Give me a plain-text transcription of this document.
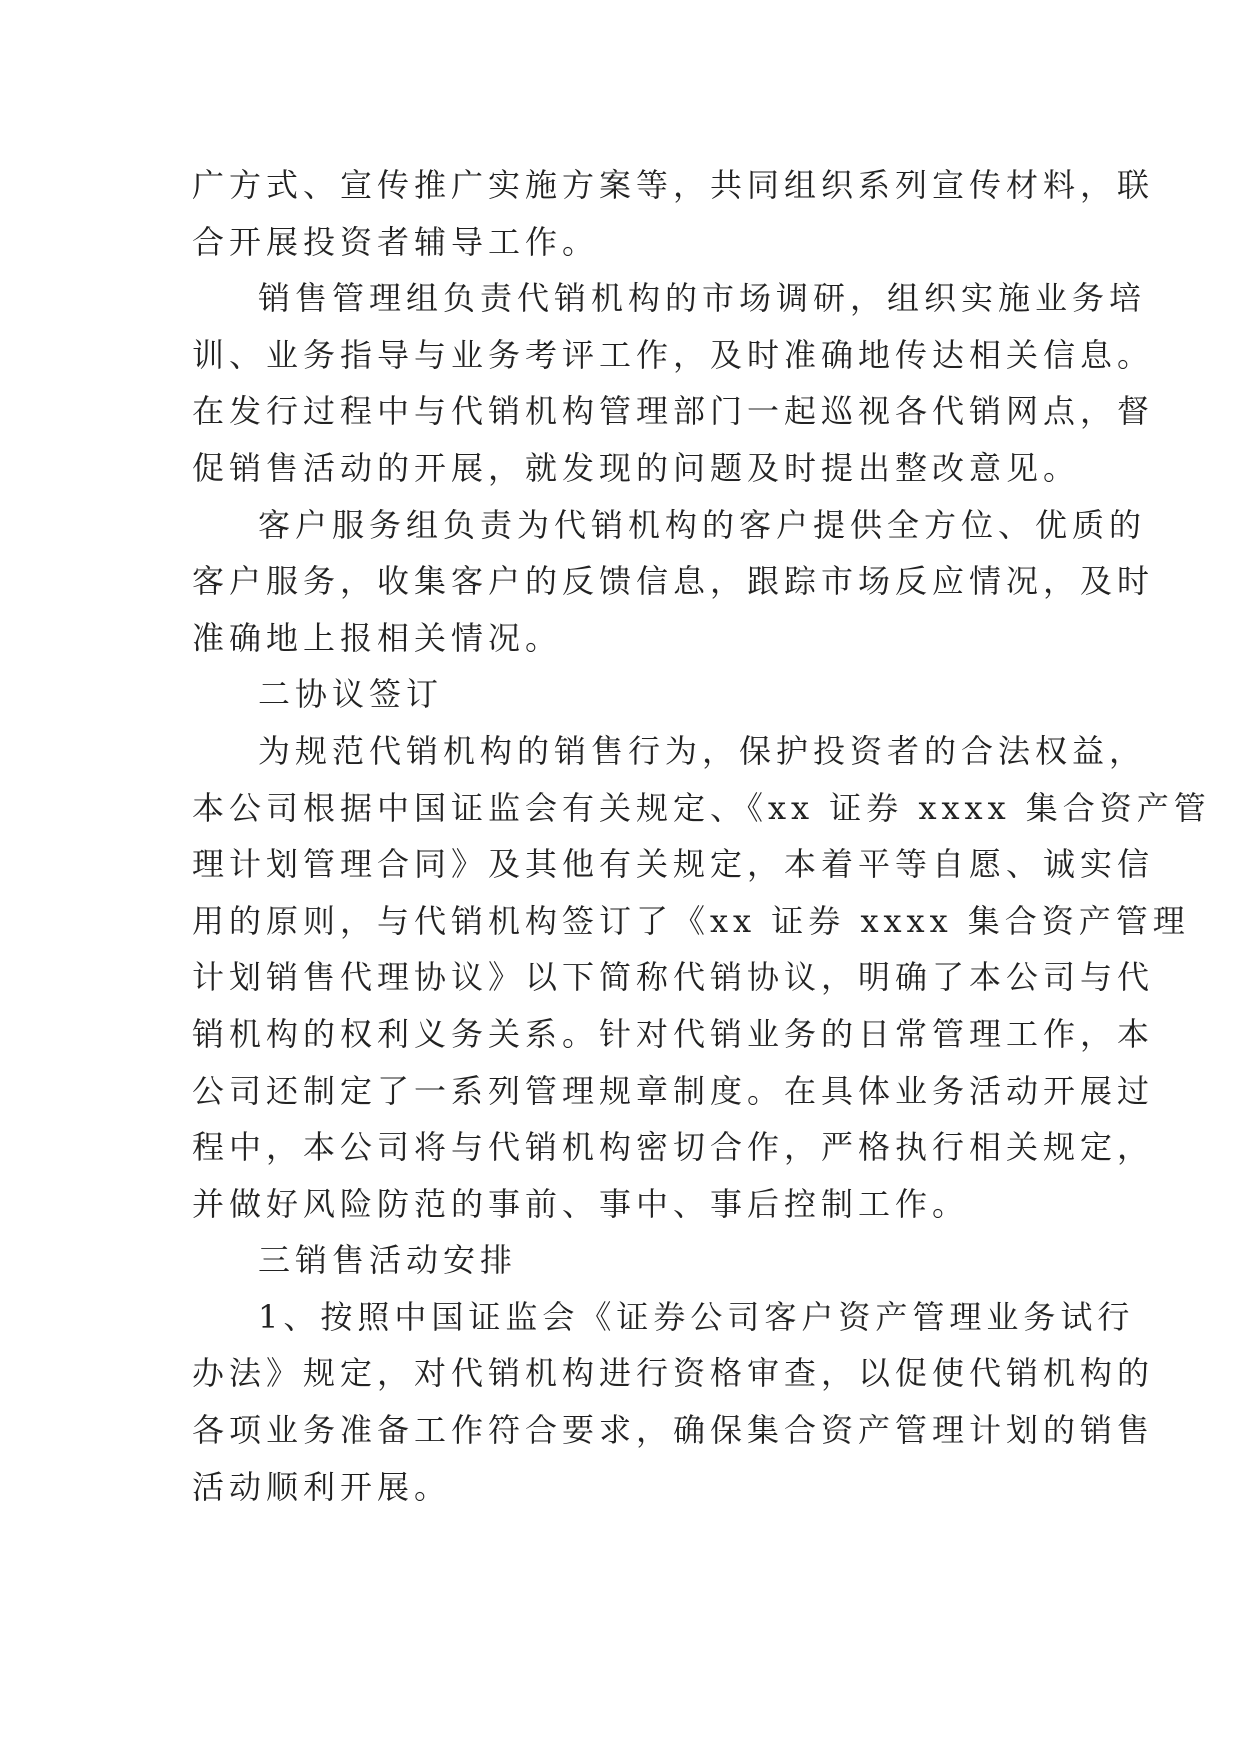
广方式、宣传推广实施方案等，共同组织系列宣传材料，联
合开展投资者辅导工作。
销售管理组负责代销机构的市场调研，组织实施业务培
训、业务指导与业务考评工作，及时准确地传达相关信息。
在发行过程中与代销机构管理部门一起巡视各代销网点，督
促销售活动的开展，就发现的问题及时提出整改意见。
客户服务组负责为代销机构的客户提供全方位、优质的
客户服务，收集客户的反馈信息，跟踪市场反应情况，及时
准确地上报相关情况。
二协议签订
为规范代销机构的销售行为，保护投资者的合法权益，
本公司根据中国证监会有关规定、《xx 证券 xxxx 集合资产管
理计划管理合同》及其他有关规定，本着平等自愿、诚实信
用的原则，与代销机构签订了《xx 证券 xxxx 集合资产管理
计划销售代理协议》以下简称代销协议，明确了本公司与代
销机构的权利义务关系。针对代销业务的日常管理工作，本
公司还制定了一系列管理规章制度。在具体业务活动开展过
程中，本公司将与代销机构密切合作，严格执行相关规定，
并做好风险防范的事前、事中、事后控制工作。
三销售活动安排
1、按照中国证监会《证券公司客户资产管理业务试行
办法》规定，对代销机构进行资格审查，以促使代销机构的
各项业务准备工作符合要求，确保集合资产管理计划的销售
活动顺利开展。
